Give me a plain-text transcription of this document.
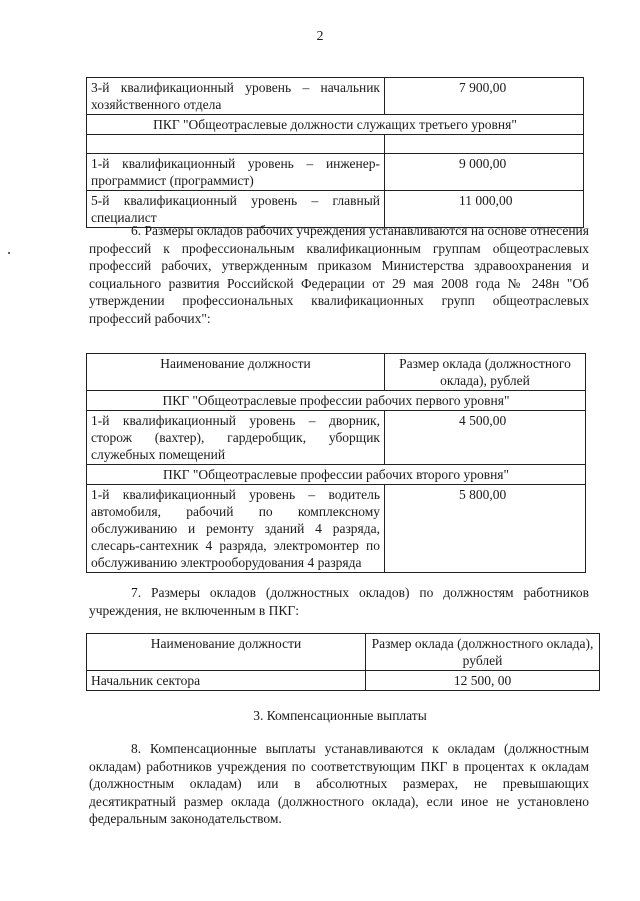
2
3-й квалификационный уровень – начальник хозяйственного отдела	7 900,00
ПКГ "Общеотраслевые должности служащих третьего уровня"	

1-й квалификационный уровень – инженер-программист (программист)	9 000,00
5-й квалификационный уровень – главный специалист	11 000,00

6. Размеры окладов рабочих учреждения устанавливаются на основе отнесения профессий к профессиональным квалификационным группам общеотраслевых профессий рабочих, утвержденным приказом Министерства здравоохранения и социального развития Российской Федерации от 29 мая 2008 года № 248н "Об утверждении профессиональных квалификационных групп общеотраслевых профессий рабочих":

Наименование должности	Размер оклада (должностного оклада), рублей
ПКГ "Общеотраслевые профессии рабочих первого уровня"	
1-й квалификационный уровень – дворник, сторож (вахтер), гардеробщик, уборщик служебных помещений	4 500,00
ПКГ "Общеотраслевые профессии рабочих второго уровня"	
1-й квалификационный уровень – водитель автомобиля, рабочий по комплексному обслуживанию и ремонту зданий 4 разряда, слесарь-сантехник 4 разряда, электромонтер по обслуживанию электрооборудования 4 разряда	5 800,00

7. Размеры окладов (должностных окладов) по должностям работников учреждения, не включенным в ПКГ:

Наименование должности	Размер оклада (должностного оклада), рублей
Начальник сектора	12 500, 00
3. Компенсационные выплаты

8. Компенсационные выплаты устанавливаются к окладам (должностным окладам) работников учреждения по соответствующим ПКГ в процентах к окладам (должностным окладам) или в абсолютных размерах, не превышающих десятикратный размер оклада (должностного оклада), если иное не установлено федеральным законодательством.
